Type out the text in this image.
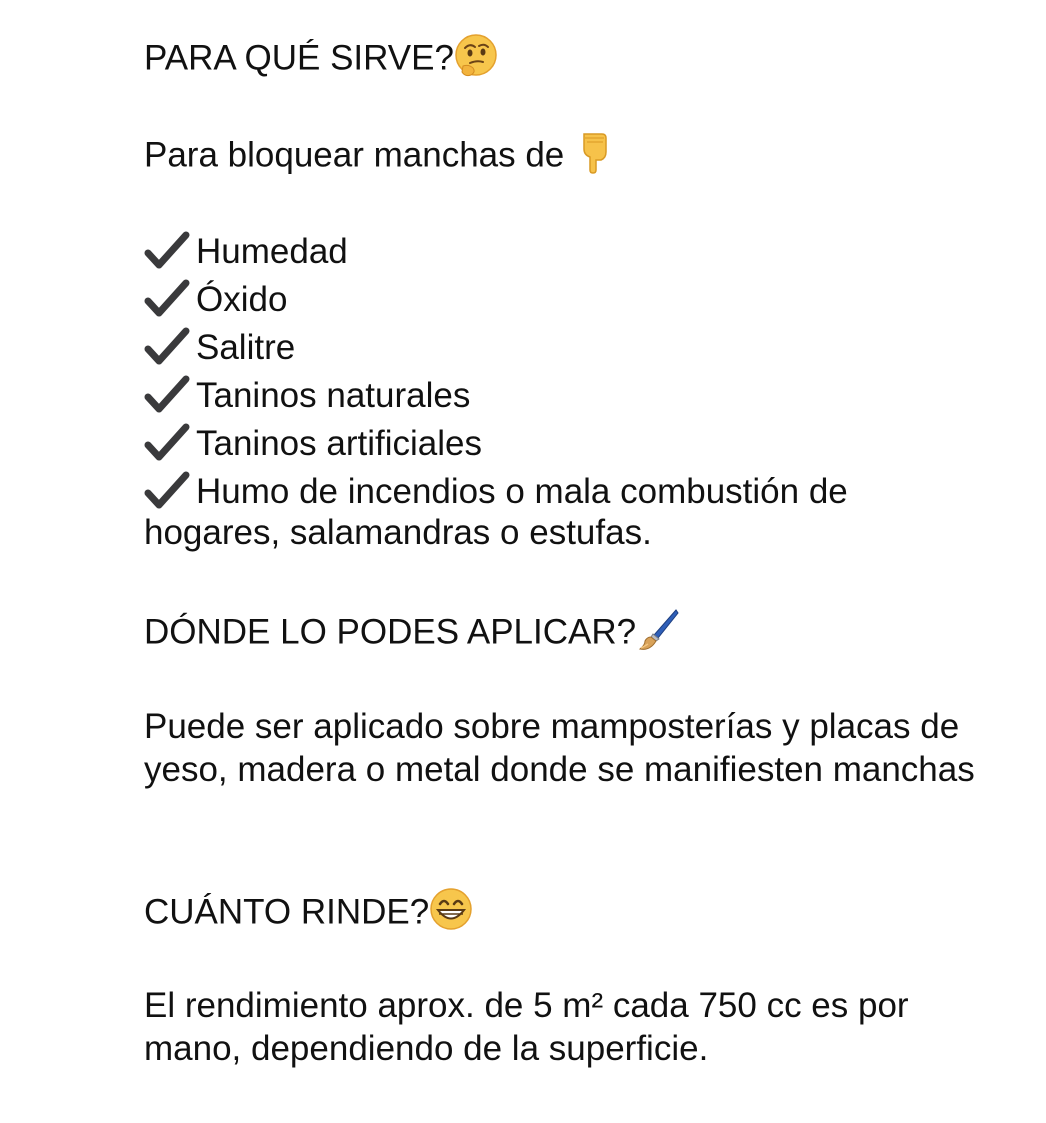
PARA QUÉ SIRVE?
Para bloquear manchas de
Humedad
Óxido
Salitre
Taninos naturales
Taninos artificiales
Humo de incendios o mala combustión de
hogares, salamandras o estufas.
DÓNDE LO PODES APLICAR?
Puede ser aplicado sobre mamposterías y placas de yeso, madera o metal donde se manifiesten manchas
CUÁNTO RINDE?
El rendimiento aprox. de 5 m² cada 750 cc es por mano, dependiendo de la superficie.
